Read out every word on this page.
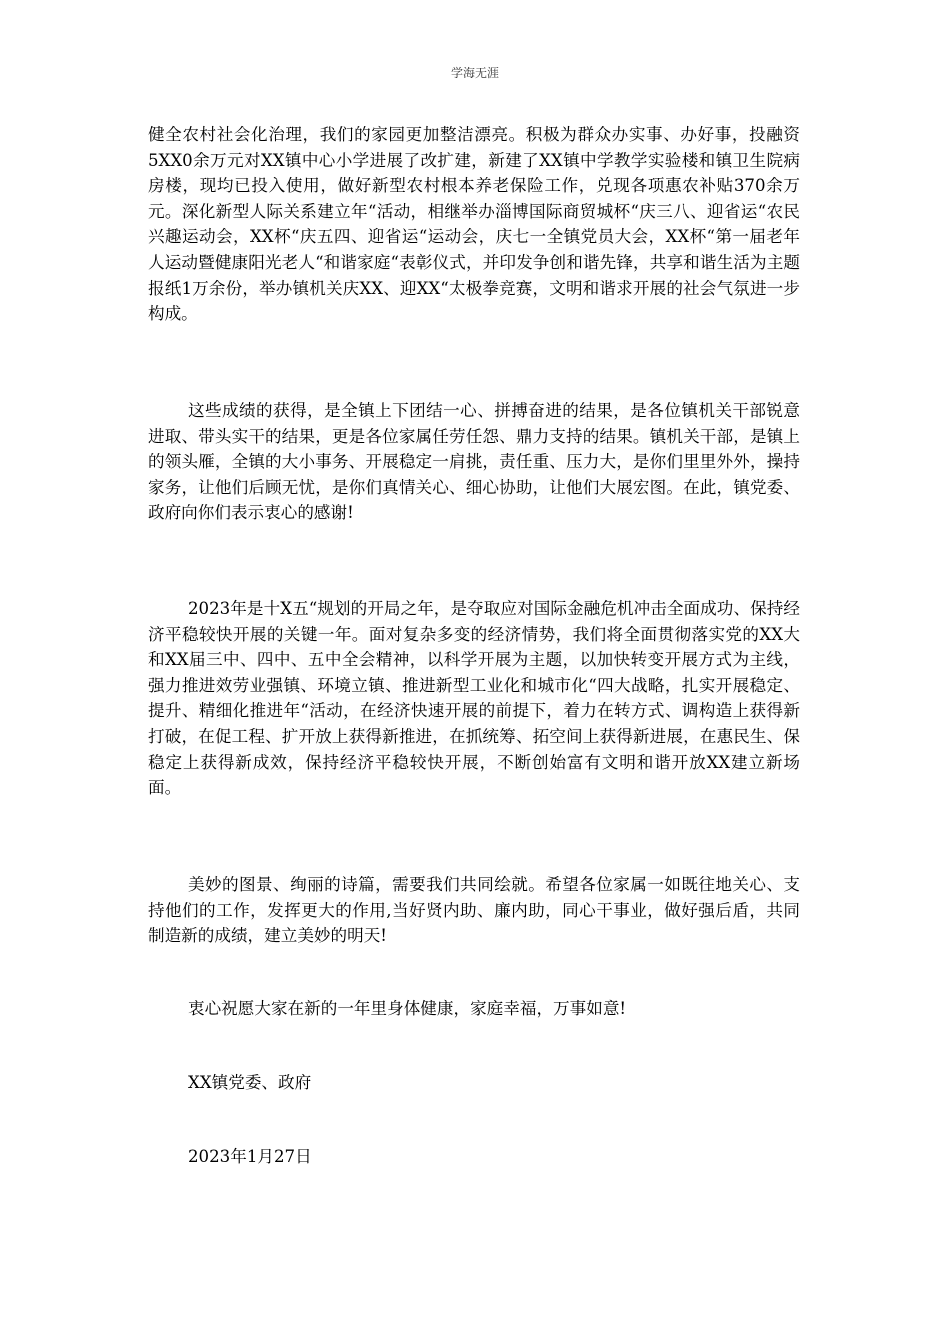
学海无涯

健全农村社会化治理，我们的家园更加整洁漂亮。积极为群众办实事、办好事，投融资5XX0余万元对XX镇中心小学进展了改扩建，新建了XX镇中学教学实验楼和镇卫生院病房楼，现均已投入使用，做好新型农村根本养老保险工作，兑现各项惠农补贴370余万元。深化新型人际关系建立年“活动，相继举办淄博国际商贸城杯“庆三八、迎省运“农民兴趣运动会，XX杯“庆五四、迎省运“运动会，庆七一全镇党员大会，XX杯“第一届老年人运动暨健康阳光老人“和谐家庭“表彰仪式，并印发争创和谐先锋，共享和谐生活为主题报纸1万余份，举办镇机关庆XX、迎XX“太极拳竞赛，文明和谐求开展的社会气氛进一步构成。

这些成绩的获得，是全镇上下团结一心、拼搏奋进的结果，是各位镇机关干部锐意进取、带头实干的结果，更是各位家属任劳任怨、鼎力支持的结果。镇机关干部，是镇上的领头雁，全镇的大小事务、开展稳定一肩挑，责任重、压力大，是你们里里外外，操持家务，让他们后顾无忧，是你们真情关心、细心协助，让他们大展宏图。在此，镇党委、政府向你们表示衷心的感谢!

2023年是十X五“规划的开局之年，是夺取应对国际金融危机冲击全面成功、保持经济平稳较快开展的关键一年。面对复杂多变的经济情势，我们将全面贯彻落实党的XX大和XX届三中、四中、五中全会精神，以科学开展为主题，以加快转变开展方式为主线，强力推进效劳业强镇、环境立镇、推进新型工业化和城市化“四大战略，扎实开展稳定、提升、精细化推进年“活动，在经济快速开展的前提下，着力在转方式、调构造上获得新打破，在促工程、扩开放上获得新推进，在抓统筹、拓空间上获得新进展，在惠民生、保稳定上获得新成效，保持经济平稳较快开展，不断创始富有文明和谐开放XX建立新场面。

美妙的图景、绚丽的诗篇，需要我们共同绘就。希望各位家属一如既往地关心、支持他们的工作，发挥更大的作用,当好贤内助、廉内助，同心干事业，做好强后盾，共同制造新的成绩，建立美妙的明天!

衷心祝愿大家在新的一年里身体健康，家庭幸福，万事如意!

XX镇党委、政府

2023年1月27日
